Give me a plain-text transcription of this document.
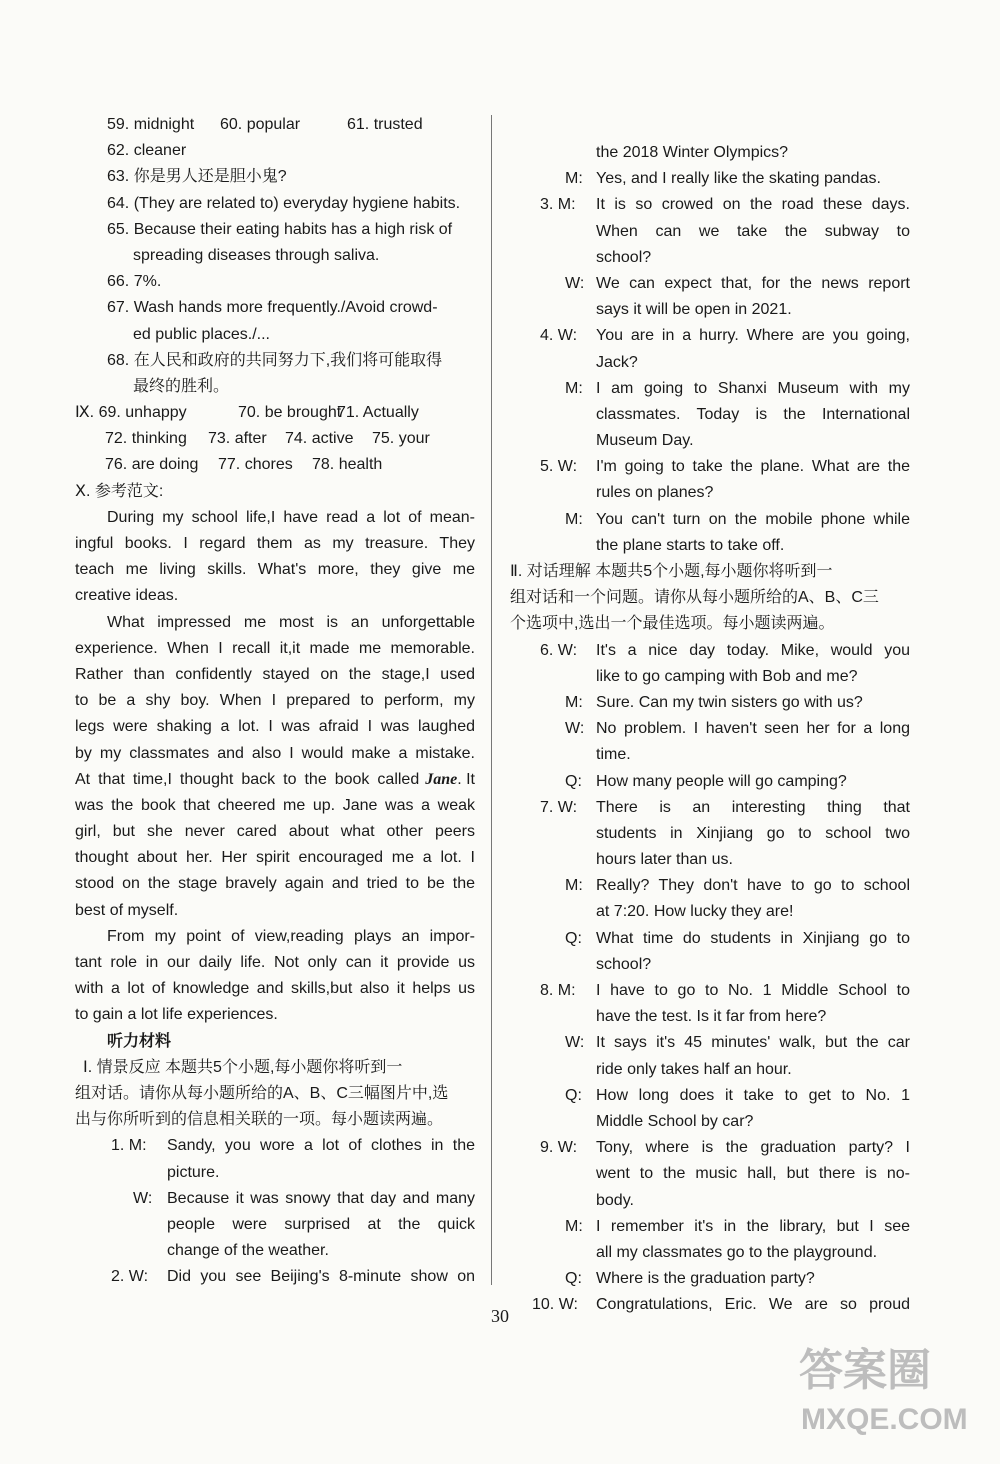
59. midnight 60. popular	61. trusted
62. cleaner
63. 你是男人还是胆小鬼?
64. (They are related to) everyday hygiene habits.
65. Because their eating habits has a high risk of
spreading diseases through saliva.
66. 7%.
67. Wash hands more frequently./Avoid crowd-
ed public places./...
68. 在人民和政府的共同努力下,我们将可能取得
最终的胜利。
Ⅸ. 69. unhappy	70. be brought
71. Actually
72. thinking 73. after 74. active 75. your
76. are doing 77. chores 78. health
Ⅹ. 参考范文:
During my school life,I have read a lot of mean-
ingful books. I regard them as my treasure. They
teach me living skills. What's more, they give me
creative ideas.
What impressed me most is an unforgettable
experience. When I recall it,it made me memorable.
Rather than confidently stayed on the stage,I used
to be a shy boy. When I prepared to perform, my
legs were shaking a lot. I was afraid I was laughed
by my classmates and also I would make a mistake.
At that time,I thought back to the book called Jane . It
was the book that cheered me up. Jane was a weak
girl, but she never cared about what other peers
thought about her. Her spirit encouraged me a lot. I
stood on the stage bravely again and tried to be the
best of myself.
From my point of view,reading plays an impor-
tant role in our daily life. Not only can it provide us
with a lot of knowledge and skills,but also it helps us
to gain a lot life experiences.
听力材料
Ⅰ. 情景反应 本题共5个小题,每小题你将听到一
组对话。请你从每小题所给的A、B、C三幅图片中,选
出与你所听到的信息相关联的一项。每小题读两遍。
1. M: Sandy, you wore a lot of clothes in the
picture.
W: Because it was snowy that day and many
people were surprised at the quick
change of the weather.
2. W: Did you see Beijing's 8-minute show on
the 2018 Winter Olympics?
M: Yes, and I really like the skating pandas.
3. M: It is so crowed on the road these days.
When can we take the subway to
school?
W: We can expect that, for the news report
says it will be open in 2021.
4. W: You are in a hurry. Where are you going,
Jack?
M: I am going to Shanxi Museum with my
classmates. Today is the International
Museum Day.
5. W: I'm going to take the plane. What are the
rules on planes?
M: You can't turn on the mobile phone while
the plane starts to take off.
Ⅱ. 对话理解 本题共5个小题,每小题你将听到一
组对话和一个问题。请你从每小题所给的A、B、C三
个选项中,选出一个最佳选项。每小题读两遍。
6. W: It's a nice day today. Mike, would you
like to go camping with Bob and me?
M: Sure. Can my twin sisters go with us?
W: No problem. I haven't seen her for a long
time.
Q: How many people will go camping?
7. W: There is an interesting thing that
students in Xinjiang go to school two
hours later than us.
M: Really? They don't have to go to school
at 7:20. How lucky they are!
Q: What time do students in Xinjiang go to
school?
8. M: I have to go to No. 1 Middle School to
have the test. Is it far from here?
W: It says it's 45 minutes' walk, but the car
ride only takes half an hour.
Q: How long does it take to get to No. 1
Middle School by car?
9. W: Tony, where is the graduation party? I
went to the music hall, but there is no-
body.
M: I remember it's in the library, but I see
all my classmates go to the playground.
Q: Where is the graduation party?
10. W: Congratulations, Eric. We are so proud
30
答案圈
MXQE.COM
